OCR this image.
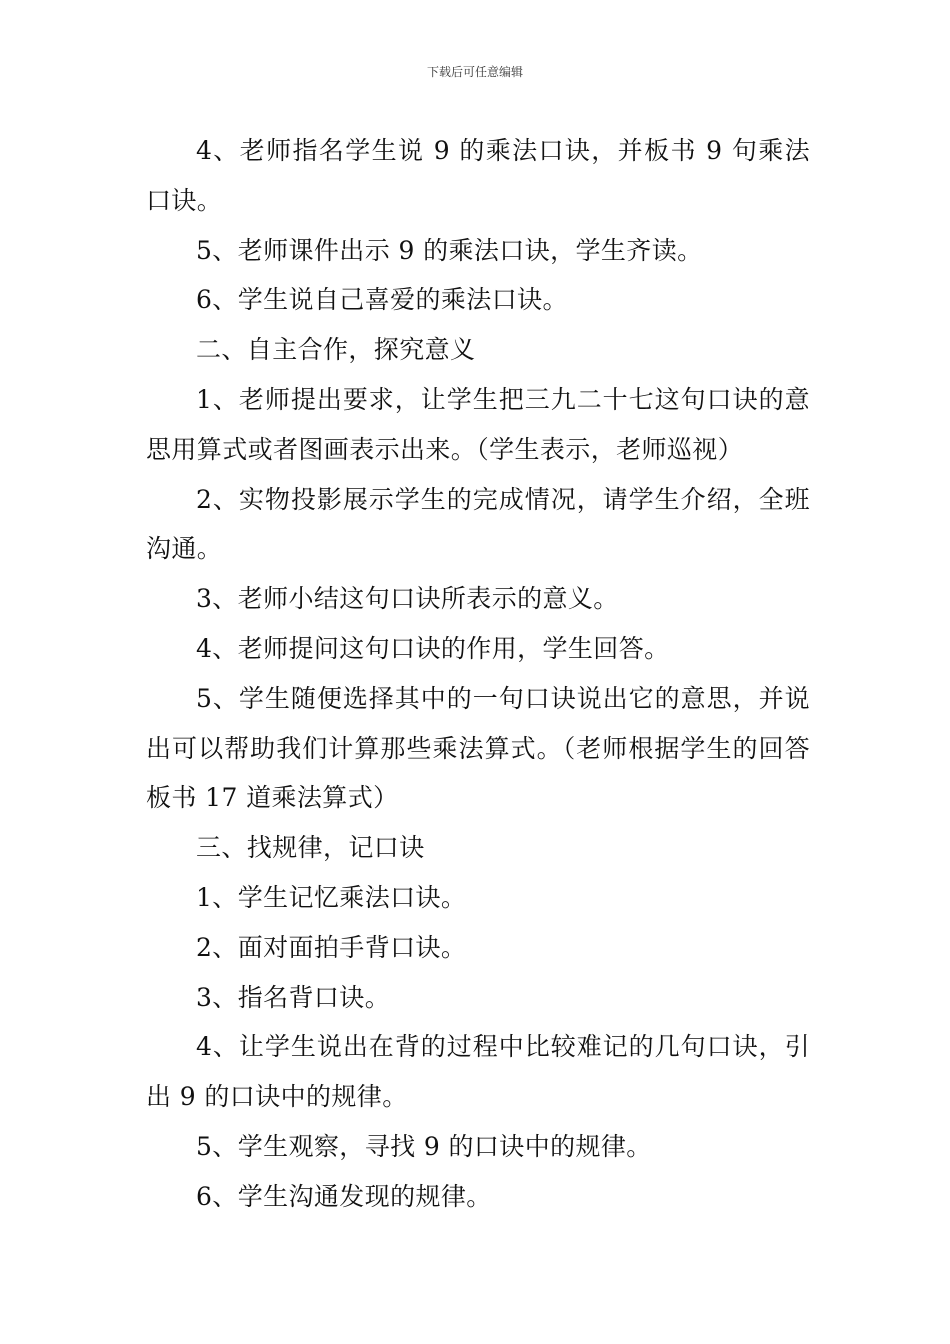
下载后可任意编辑

4、老师指名学生说 9 的乘法口诀，并板书 9 句乘法口诀。

5、老师课件出示 9 的乘法口诀，学生齐读。

6、学生说自己喜爱的乘法口诀。

二、自主合作，探究意义

1、老师提出要求，让学生把三九二十七这句口诀的意思用算式或者图画表示出来。（学生表示，老师巡视）

2、实物投影展示学生的完成情况，请学生介绍，全班沟通。

3、老师小结这句口诀所表示的意义。

4、老师提问这句口诀的作用，学生回答。

5、学生随便选择其中的一句口诀说出它的意思，并说出可以帮助我们计算那些乘法算式。（老师根据学生的回答板书 17 道乘法算式）

三、找规律，记口诀

1、学生记忆乘法口诀。

2、面对面拍手背口诀。

3、指名背口诀。

4、让学生说出在背的过程中比较难记的几句口诀，引出 9 的口诀中的规律。

5、学生观察，寻找 9 的口诀中的规律。

6、学生沟通发现的规律。
